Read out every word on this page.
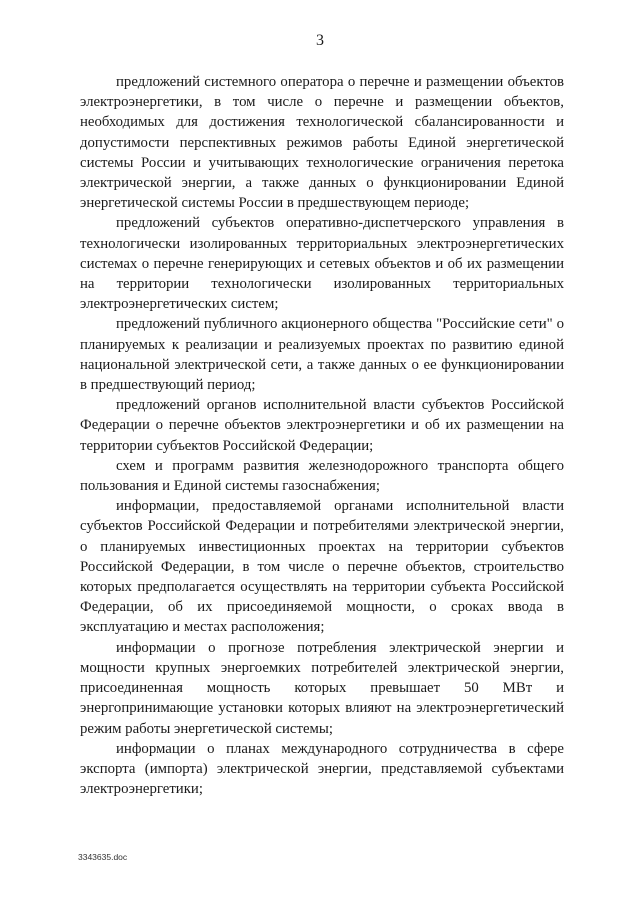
3

предложений системного оператора о перечне и размещении объектов электроэнергетики, в том числе о перечне и размещении объектов, необходимых для достижения технологической сбалансированности и допустимости перспективных режимов работы Единой энергетической системы России и учитывающих технологические ограничения перетока электрической энергии, а также данных о функционировании Единой энергетической системы России в предшествующем периоде;

предложений субъектов оперативно-диспетчерского управления в технологически изолированных территориальных электроэнергетических системах о перечне генерирующих и сетевых объектов и об их размещении на территории технологически изолированных территориальных электроэнергетических систем;

предложений публичного акционерного общества "Российские сети" о планируемых к реализации и реализуемых проектах по развитию единой национальной электрической сети, а также данных о ее функционировании в предшествующий период;

предложений органов исполнительной власти субъектов Российской Федерации о перечне объектов электроэнергетики и об их размещении на территории субъектов Российской Федерации;

схем и программ развития железнодорожного транспорта общего пользования и Единой системы газоснабжения;

информации, предоставляемой органами исполнительной власти субъектов Российской Федерации и потребителями электрической энергии, о планируемых инвестиционных проектах на территории субъектов Российской Федерации, в том числе о перечне объектов, строительство которых предполагается осуществлять на территории субъекта Российской Федерации, об их присоединяемой мощности, о сроках ввода в эксплуатацию и местах расположения;

информации о прогнозе потребления электрической энергии и мощности крупных энергоемких потребителей электрической энергии, присоединенная мощность которых превышает 50 МВт и энергопринимающие установки которых влияют на электроэнергетический режим работы энергетической системы;

информации о планах международного сотрудничества в сфере экспорта (импорта) электрической энергии, представляемой субъектами электроэнергетики;

3343635.doc
